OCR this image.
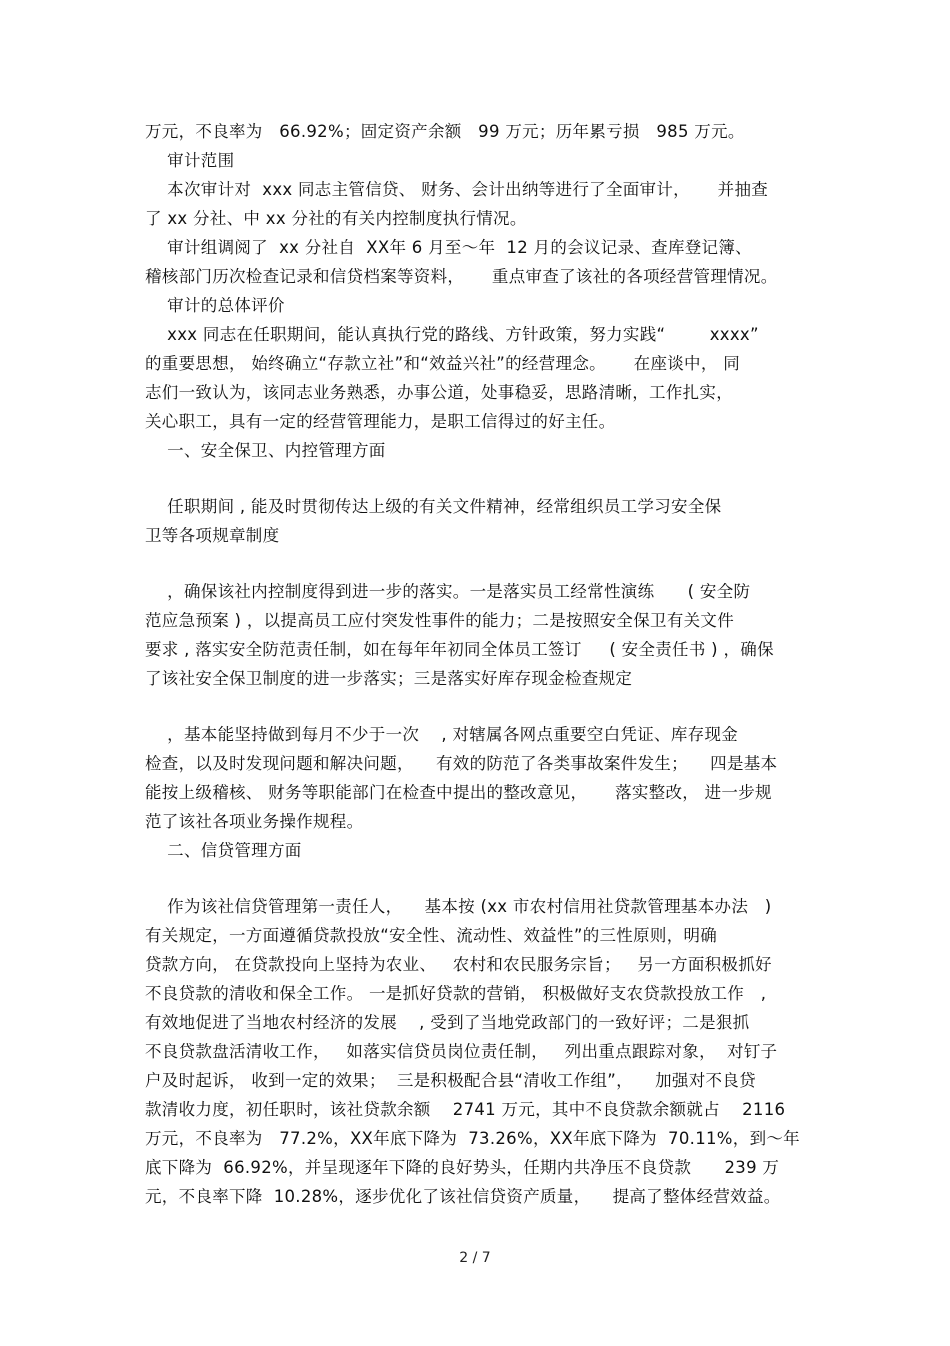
万元，不良率为   66.92%；固定资产余额   99 万元；历年累亏损   985 万元。
审计范围
本次审计对  xxx 同志主管信贷、 财务、会计出纳等进行了全面审计，     并抽查
了 xx 分社、中 xx 分社的有关内控制度执行情况。
审计组调阅了  xx 分社自  XX年 6 月至～年  12 月的会议记录、查库登记簿、
稽核部门历次检查记录和信贷档案等资料，     重点审查了该社的各项经营管理情况。
审计的总体评价
xxx 同志在任职期间，能认真执行党的路线、方针政策，努力实践“        xxxx”
的重要思想， 始终确立“存款立社”和“效益兴社”的经营理念。     在座谈中， 同
志们一致认为，该同志业务熟悉，办事公道，处事稳妥，思路清晰，工作扎实，
关心职工，具有一定的经营管理能力，是职工信得过的好主任。
一、安全保卫、内控管理方面
任职期间 , 能及时贯彻传达上级的有关文件精神，经常组织员工学习安全保
卫等各项规章制度
，确保该社内控制度得到进一步的落实。一是落实员工经常性演练      ( 安全防
范应急预案 ) ，以提高员工应付突发性事件的能力；二是按照安全保卫有关文件
要求 , 落实安全防范责任制，如在每年年初同全体员工签订     ( 安全责任书 ) ，确保
了该社安全保卫制度的进一步落实；三是落实好库存现金检查规定
，基本能坚持做到每月不少于一次    , 对辖属各网点重要空白凭证、库存现金
检查，以及时发现问题和解决问题，    有效的防范了各类事故案件发生；    四是基本
能按上级稽核、 财务等职能部门在检查中提出的整改意见，     落实整改， 进一步规
范了该社各项业务操作规程。
二、信贷管理方面
作为该社信贷管理第一责任人，    基本按 (xx 市农村信用社贷款管理基本办法   )
有关规定，一方面遵循贷款投放“安全性、流动性、效益性”的三性原则，明确
贷款方向， 在贷款投向上坚持为农业、   农村和农民服务宗旨；   另一方面积极抓好
不良贷款的清收和保全工作。 一是抓好贷款的营销， 积极做好支农贷款投放工作   ,
有效地促进了当地农村经济的发展    , 受到了当地党政部门的一致好评；二是狠抓
不良贷款盘活清收工作，   如落实信贷员岗位责任制，   列出重点跟踪对象，  对钉子
户及时起诉， 收到一定的效果；  三是积极配合县“清收工作组”，    加强对不良贷
款清收力度，初任职时，该社贷款余额    2741 万元，其中不良贷款余额就占    2116
万元，不良率为   77.2%，XX年底下降为  73.26%，XX年底下降为  70.11%，到～年
底下降为  66.92%，并呈现逐年下降的良好势头，任期内共净压不良贷款      239 万
元，不良率下降  10.28%，逐步优化了该社信贷资产质量，    提高了整体经营效益。
2 / 7
